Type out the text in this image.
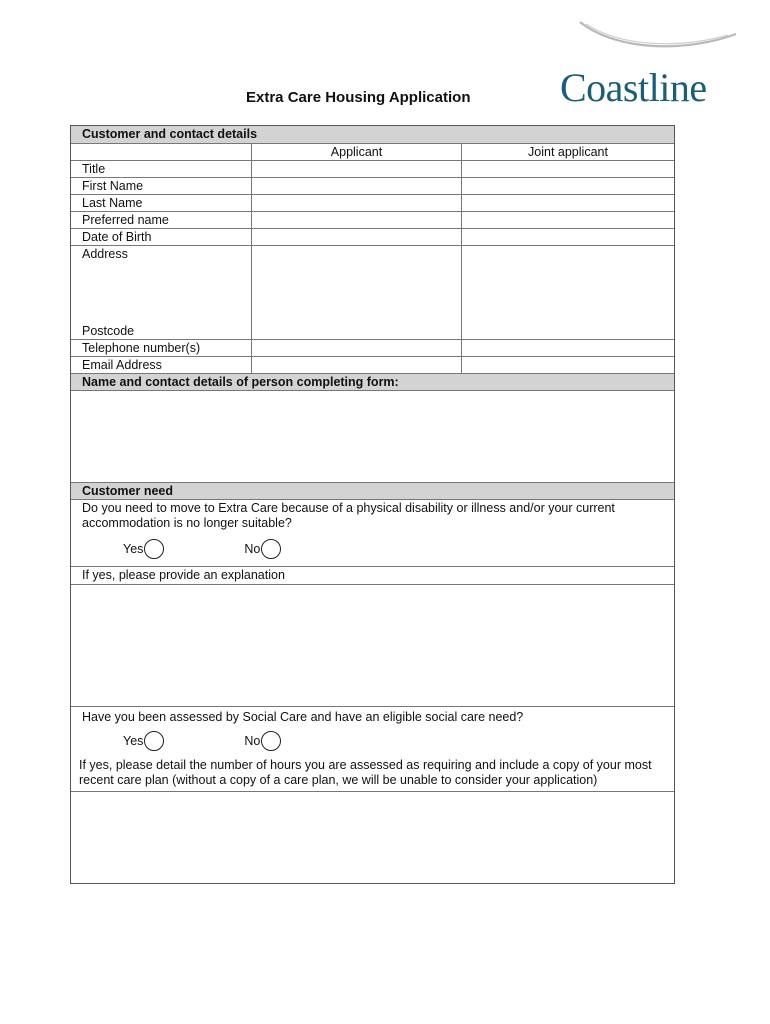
Coastline
Extra Care Housing Application
Customer and contact details
Applicant	Joint applicant
Title
First Name
Last Name
Preferred name
Date of Birth
Address
Postcode
Telephone number(s)
Email Address
Name and contact details of person completing form:
Customer need
Do you need to move to Extra Care because of a physical disability or illness and/or your current accommodation is no longer suitable?
Yes	No
If yes, please provide an explanation
Have you been assessed by Social Care and have an eligible social care need?
Yes	No
If yes, please detail the number of hours you are assessed as requiring and include a copy of your most recent care plan (without a copy of a care plan, we will be unable to consider your application)
